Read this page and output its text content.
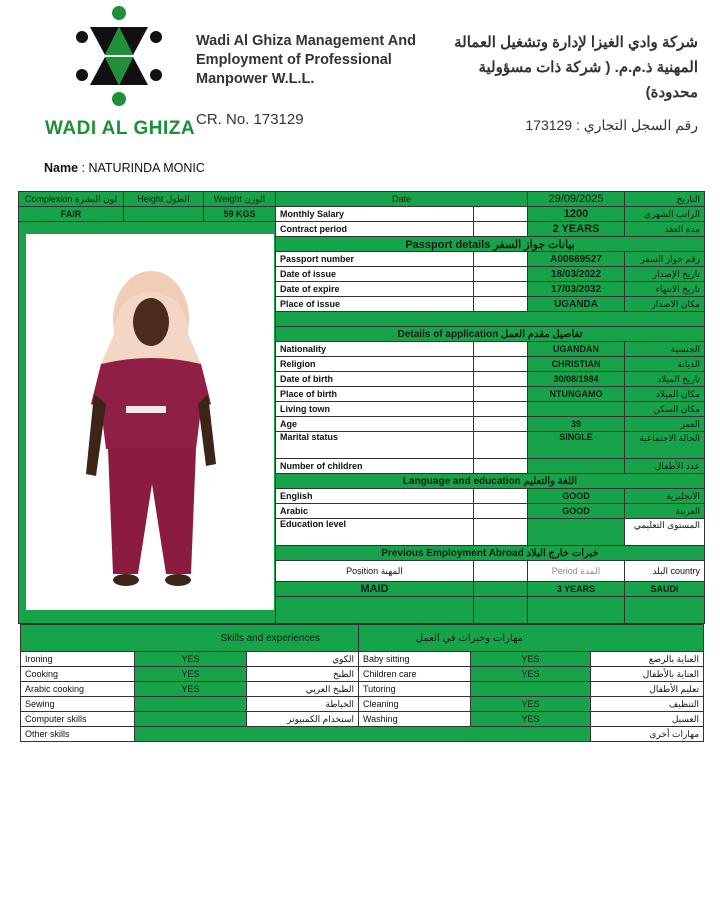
WADI AL GHIZA
Wadi Al Ghiza Management And
Employment of Professional
Manpower W.L.L.
شركة وادي الغيزا لإدارة وتشغيل العمالة
المهنية ذ.م.م. ( شركة ذات مسؤولية
محدودة)
CR. No. 173129	رقم السجل التجاري : 173129
Name : NATURINDA MONIC
Complexion لون البشرة	Height الطول	Weight الوزن	Date		29/09/2025	التاريخ
FAIR		59 KGS	Monthly Salary		1200	الراتب الشهري

	Contract period		2 YEARS	مدة العقد
			Passport details بيانات جواز السفر			
			Passport number		A00669527	رقم جواز السفر
			Date of issue		18/03/2022	تاريخ الإصدار
			Date of expire		17/03/2032	تاريخ الانتهاء
			Place of issue		UGANDA	مكان الاصدار

			Details of application تفاصيل مقدم العمل			
			Nationality		UGANDAN	الجنسية
			Religion		CHRISTIAN	الديانة
			Date of birth		30/08/1984	تاريخ الميلاد
			Place of birth		NTUNGAMO	مكان الميلاد
			Living town			مكان السكن
			Age		39	العمر
			Marital status		SINGLE	الحالة الاجتماعية
			Number of children			عدد الأطفال
			Language and education اللغة والتعليم			
			English		GOOD	الانجليزية
			Arabic		GOOD	العربية
			Education level			المستوى التعليمي
			Previous Employment Abroad خبرات خارج البلاد			
			Position المهنة		Period المدة	country البلد
			MAID		3 YEARS	SAUDI

Skills and experiences			مهارات وخبرات في العمل		
Ironing	YES	الكوي	Baby sitting	YES	العناية بالرضع
Cooking	YES	الطبخ	Children care	YES	العناية بالأطفال
Arabic cooking	YES	الطبخ العربي	Tutoring		تعليم الأطفال
Sewing		الخياطة	Cleaning	YES	التنظيف
Computer skills		استخدام الكمبيوتر	Washing	YES	الغسيل
Other skills					مهارات أخرى
